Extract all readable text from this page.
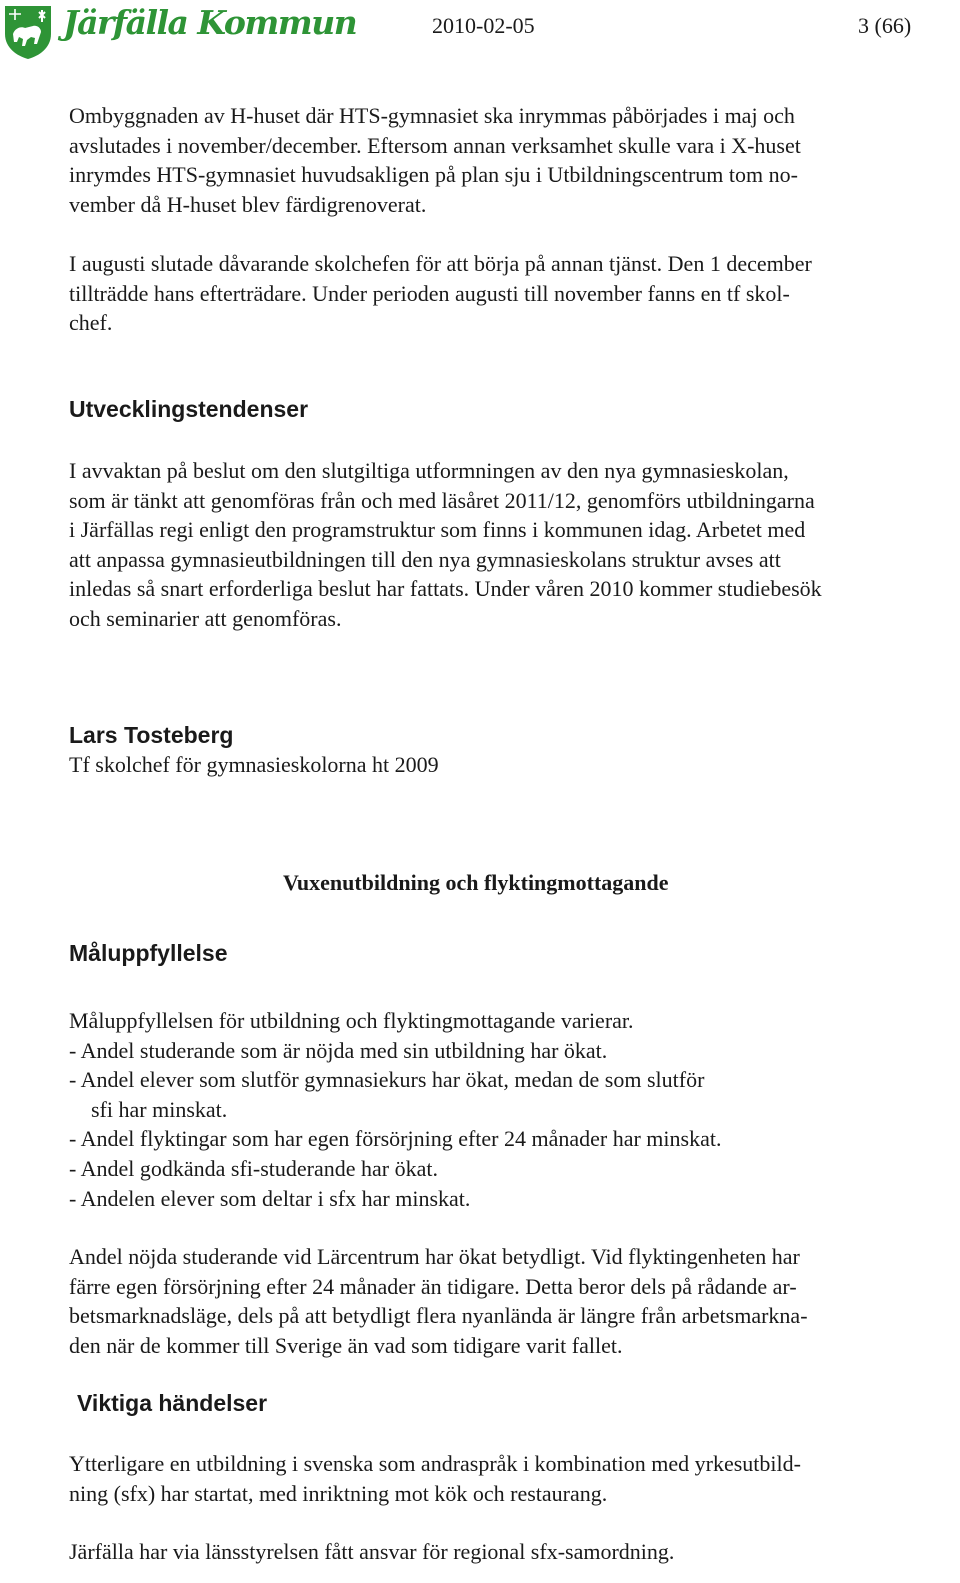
Järfälla Kommun	2010-02-05	3 (66)

Ombyggnaden av H-huset där HTS-gymnasiet ska inrymmas påbörjades i maj och
avslutades i november/december. Eftersom annan verksamhet skulle vara i X-huset
inrymdes HTS-gymnasiet huvudsakligen på plan sju i Utbildningscentrum tom no-
vember då H-huset blev färdigrenoverat.

I augusti slutade dåvarande skolchefen för att börja på annan tjänst. Den 1 december
tillträdde hans efterträdare. Under perioden augusti till november fanns en tf skol-
chef.

Utvecklingstendenser

I avvaktan på beslut om den slutgiltiga utformningen av den nya gymnasieskolan,
som är tänkt att genomföras från och med läsåret 2011/12, genomförs utbildningarna
i Järfällas regi enligt den programstruktur som finns i kommunen idag. Arbetet med
att anpassa gymnasieutbildningen till den nya gymnasieskolans struktur avses att
inledas så snart erforderliga beslut har fattats. Under våren 2010 kommer studiebesök
och seminarier att genomföras.

Lars Tosteberg

Tf skolchef för gymnasieskolorna ht 2009

Vuxenutbildning och flyktingmottagande
Måluppfyllelse

Måluppfyllelsen för utbildning och flyktingmottagande varierar.
- Andel studerande som är nöjda med sin utbildning har ökat.
- Andel elever som slutför gymnasiekurs har ökat, medan de som slutför
sfi har minskat.
- Andel flyktingar som har egen försörjning efter 24 månader har minskat.
- Andel godkända sfi-studerande har ökat.
- Andelen elever som deltar i sfx har minskat.

Andel nöjda studerande vid Lärcentrum har ökat betydligt. Vid flyktingenheten har
färre egen försörjning efter 24 månader än tidigare. Detta beror dels på rådande ar-
betsmarknadsläge, dels på att betydligt flera nyanlända är längre från arbetsmarkna-
den när de kommer till Sverige än vad som tidigare varit fallet.

Viktiga händelser

Ytterligare en utbildning i svenska som andraspråk i kombination med yrkesutbild-
ning (sfx) har startat, med inriktning mot kök och restaurang.

Järfälla har via länsstyrelsen fått ansvar för regional sfx-samordning.
